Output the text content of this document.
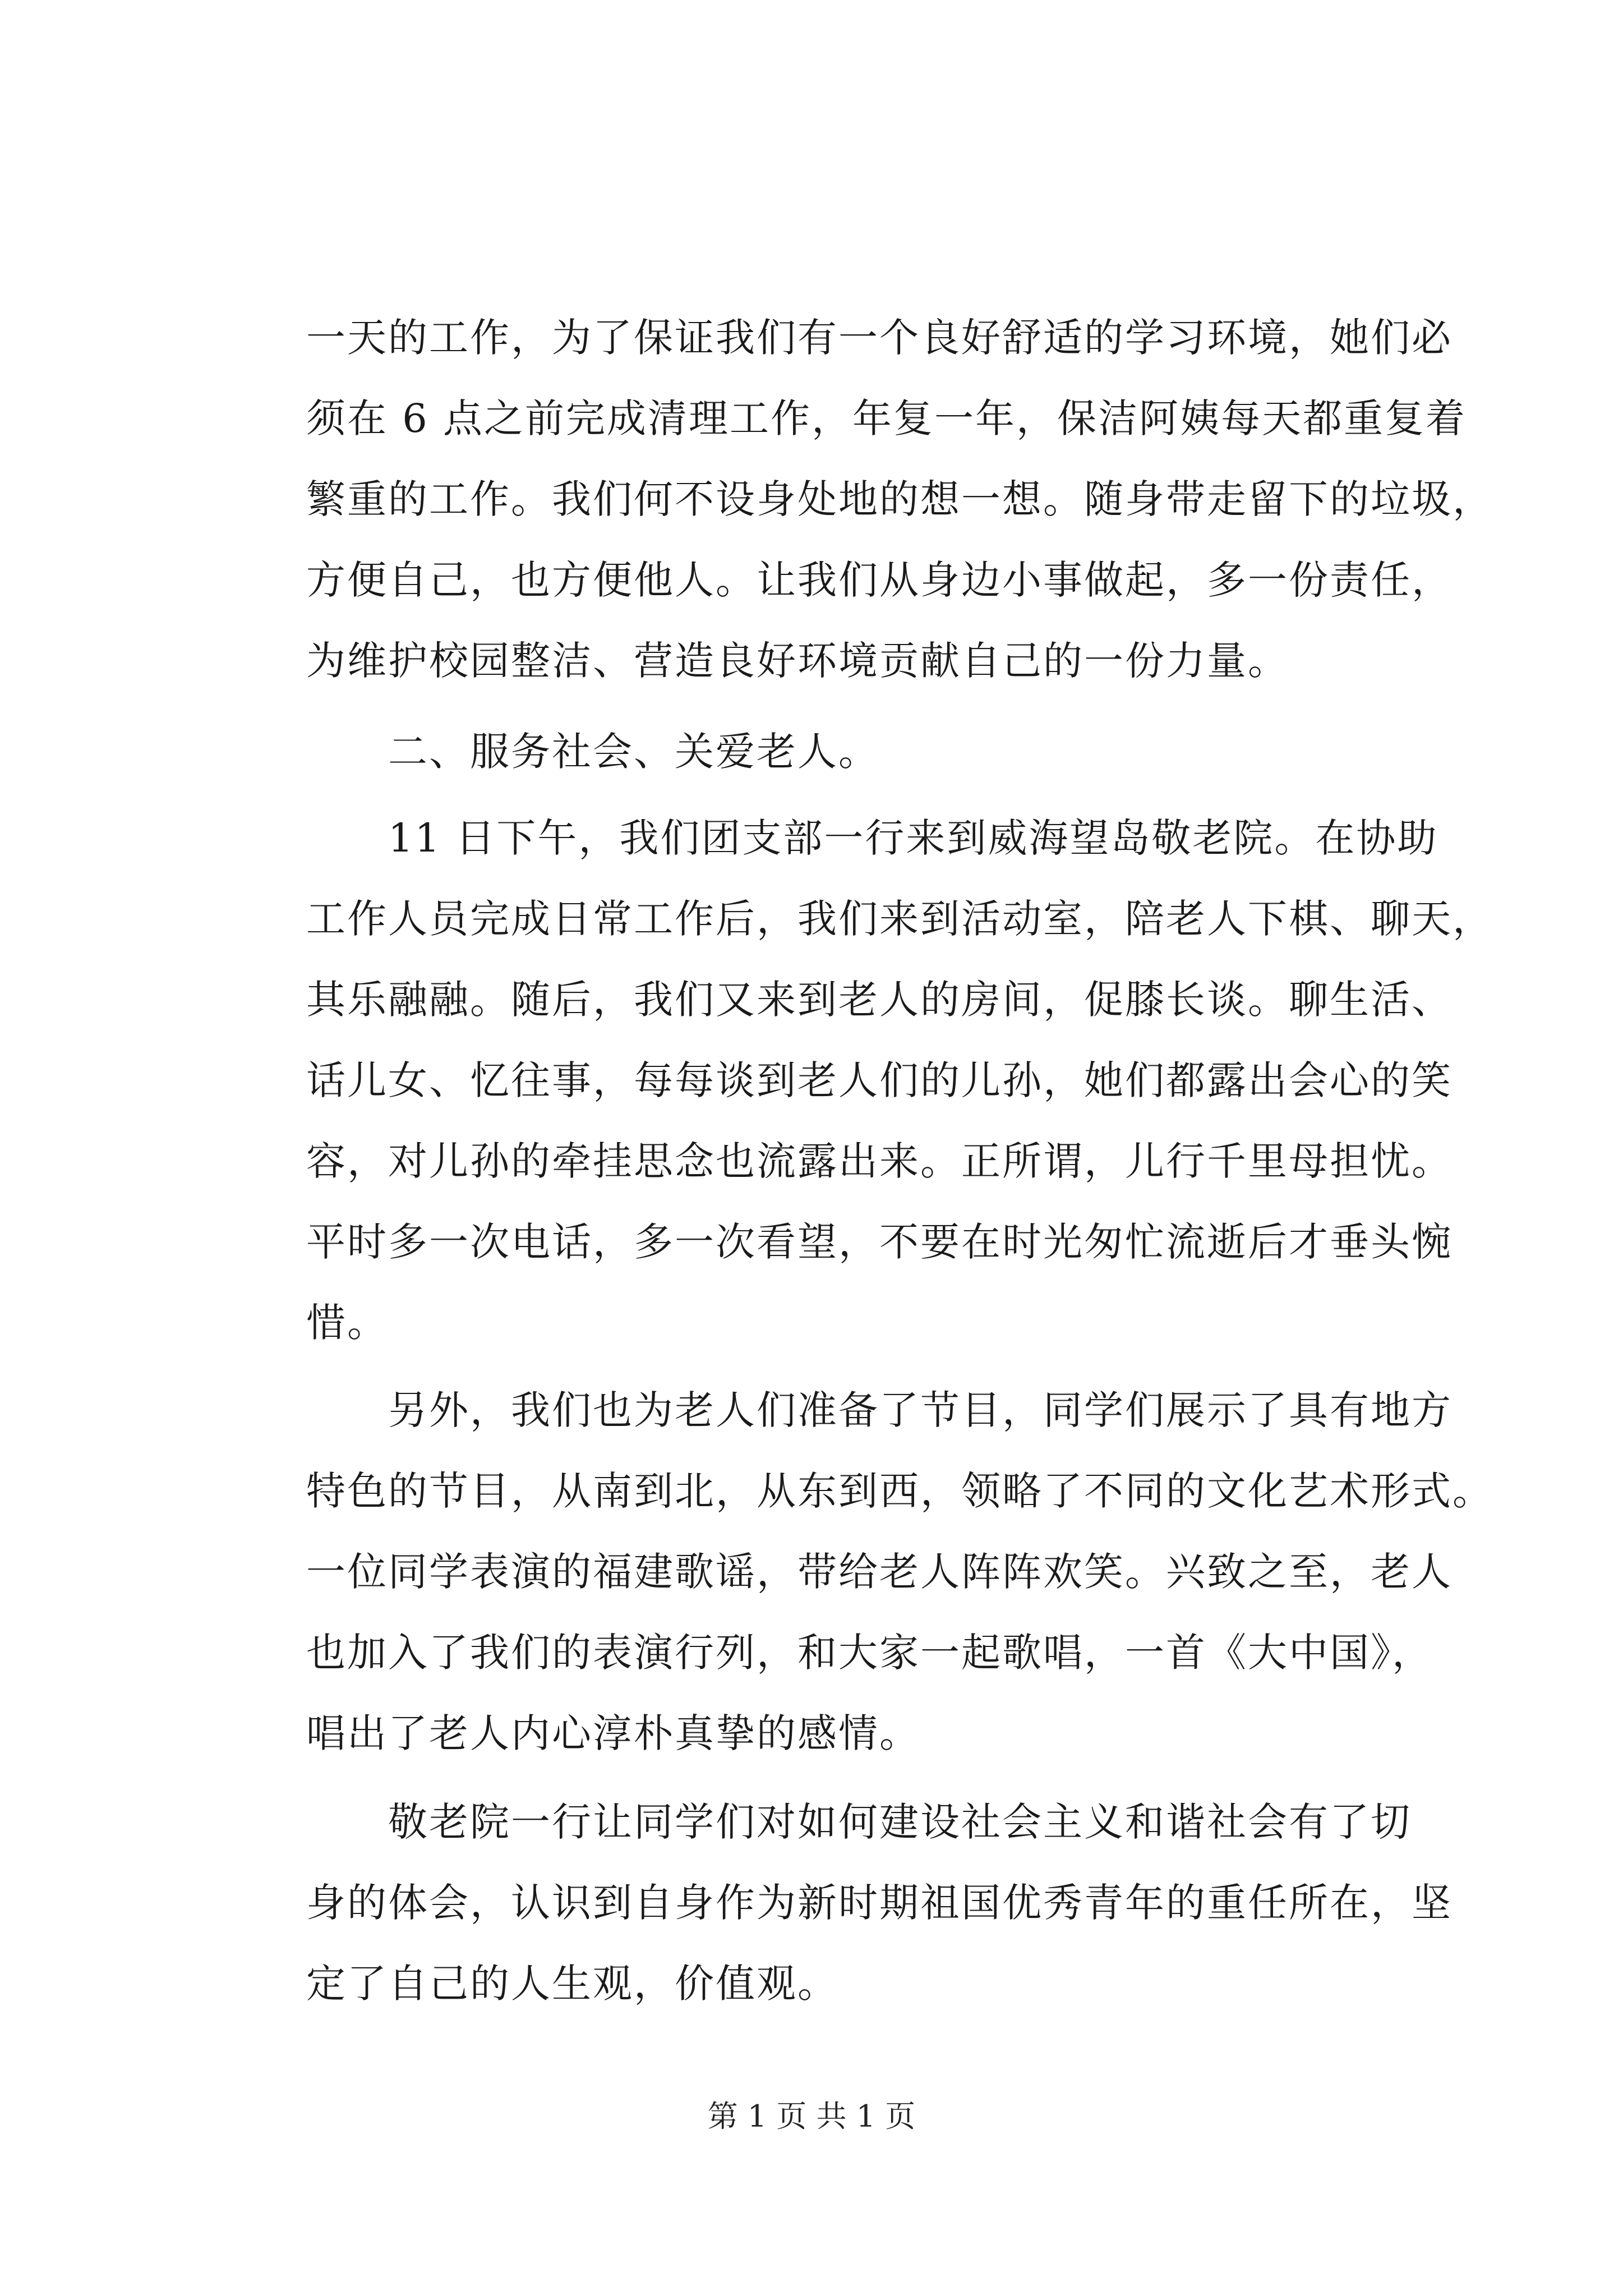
一天的工作，为了保证我们有一个良好舒适的学习环境，她们必
须在 6 点之前完成清理工作，年复一年，保洁阿姨每天都重复着
繁重的工作。我们何不设身处地的想一想。随身带走留下的垃圾，
方便自己，也方便他人。让我们从身边小事做起，多一份责任，
为维护校园整洁、营造良好环境贡献自己的一份力量。

　　二、服务社会、关爱老人。

　　11 日下午，我们团支部一行来到威海望岛敬老院。在协助
工作人员完成日常工作后，我们来到活动室，陪老人下棋、聊天，
其乐融融。随后，我们又来到老人的房间，促膝长谈。聊生活、
话儿女、忆往事，每每谈到老人们的儿孙，她们都露出会心的笑
容，对儿孙的牵挂思念也流露出来。正所谓，儿行千里母担忧。
平时多一次电话，多一次看望，不要在时光匆忙流逝后才垂头惋
惜。

　　另外，我们也为老人们准备了节目，同学们展示了具有地方
特色的节目，从南到北，从东到西，领略了不同的文化艺术形式。
一位同学表演的福建歌谣，带给老人阵阵欢笑。兴致之至，老人
也加入了我们的表演行列，和大家一起歌唱，一首《大中国》，
唱出了老人内心淳朴真挚的感情。

　　敬老院一行让同学们对如何建设社会主义和谐社会有了切
身的体会，认识到自身作为新时期祖国优秀青年的重任所在，坚
定了自己的人生观，价值观。

第 1 页 共 1 页
